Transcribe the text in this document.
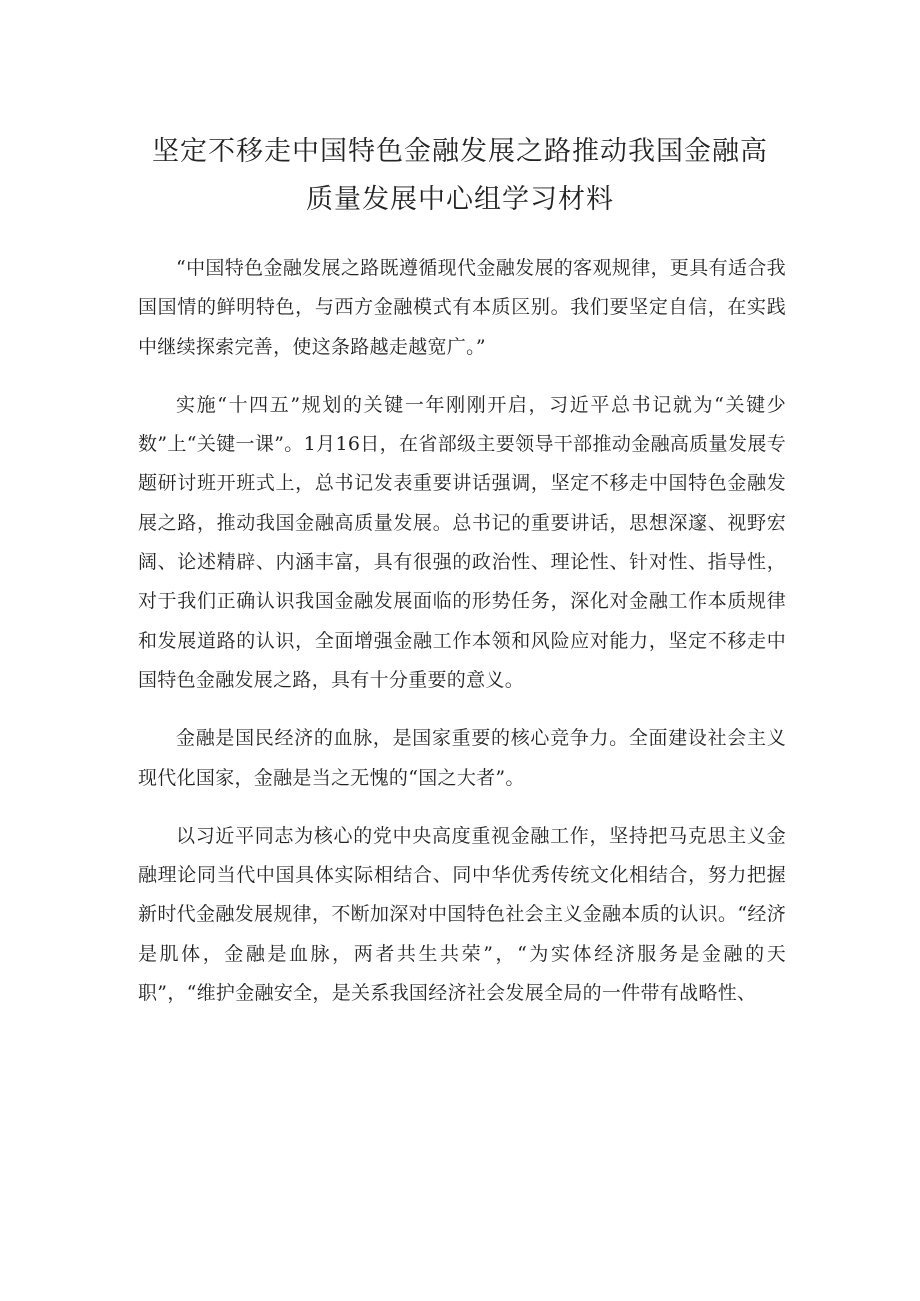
坚定不移走中国特色金融发展之路推动我国金融高
质量发展中心组学习材料

“中国特色金融发展之路既遵循现代金融发展的客观规律，更具有适合我国国情的鲜明特色，与西方金融模式有本质区别。我们要坚定自信，在实践中继续探索完善，使这条路越走越宽广。”

实施“十四五”规划的关键一年刚刚开启，习近平总书记就为“关键少数”上“关键一课”。1月16日，在省部级主要领导干部推动金融高质量发展专题研讨班开班式上，总书记发表重要讲话强调，坚定不移走中国特色金融发展之路，推动我国金融高质量发展。总书记的重要讲话，思想深邃、视野宏阔、论述精辟、内涵丰富，具有很强的政治性、理论性、针对性、指导性，对于我们正确认识我国金融发展面临的形势任务，深化对金融工作本质规律和发展道路的认识，全面增强金融工作本领和风险应对能力，坚定不移走中国特色金融发展之路，具有十分重要的意义。

金融是国民经济的血脉，是国家重要的核心竞争力。全面建设社会主义现代化国家，金融是当之无愧的“国之大者”。

以习近平同志为核心的党中央高度重视金融工作，坚持把马克思主义金融理论同当代中国具体实际相结合、同中华优秀传统文化相结合，努力把握新时代金融发展规律，不断加深对中国特色社会主义金融本质的认识。“经济是肌体，金融是血脉，两者共生共荣”，“为实体经济服务是金融的天职”，“维护金融安全，是关系我国经济社会发展全局的一件带有战略性、
